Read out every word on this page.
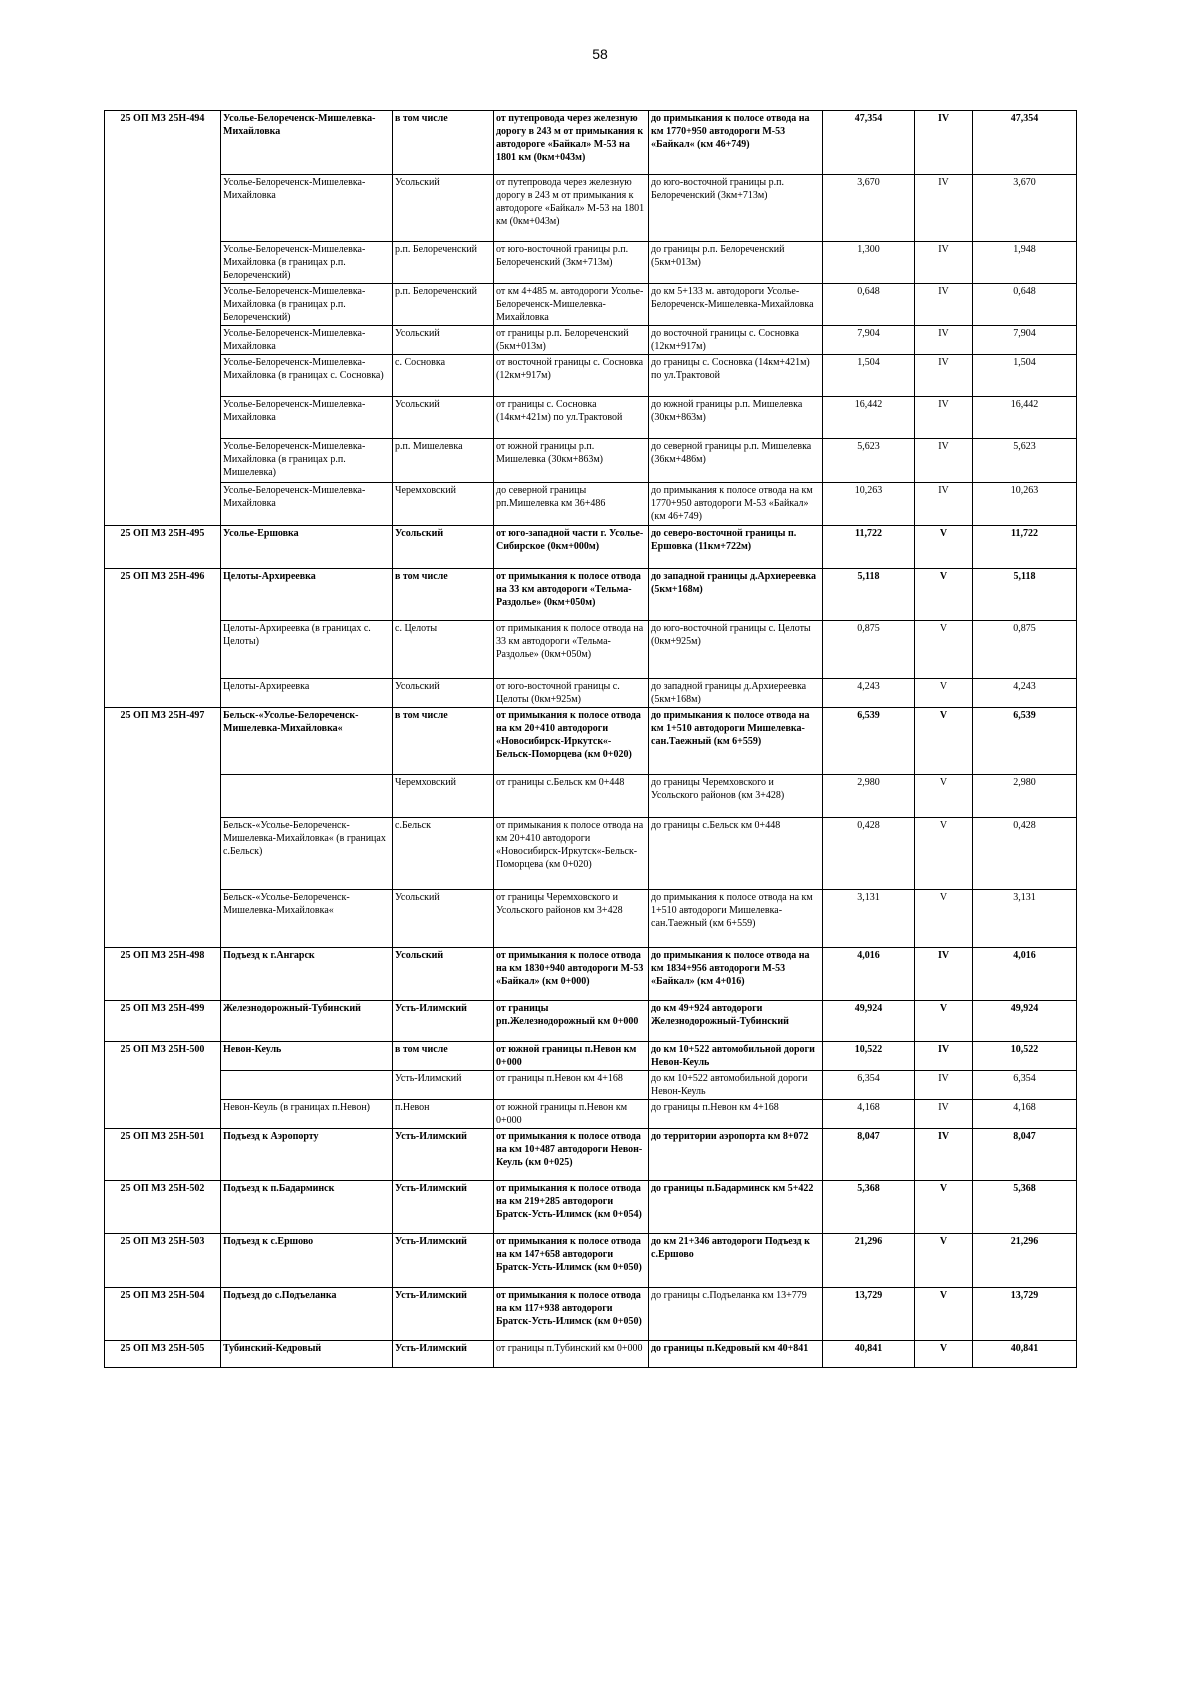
58
25 ОП МЗ 25Н-494	Усолье-Белореченск-Мишелевка-Михайловка	в том числе	от путепровода через железную дорогу в 243 м от примыкания к автодороге «Байкал» М-53 на 1801 км (0км+043м)	до примыкания к полосе отвода на км 1770+950 автодороги М-53 «Байкал« (км 46+749)	47,354	IV	47,354
	Усолье-Белореченск-Мишелевка-Михайловка	Усольский	от путепровода через железную дорогу в 243 м от примыкания к автодороге «Байкал» М-53 на 1801 км (0км+043м)	до юго-восточной границы р.п. Белореченский (3км+713м)	3,670	IV	3,670
	Усолье-Белореченск-Мишелевка-Михайловка (в границах р.п. Белореченский)	р.п. Белореченский	от юго-восточной границы р.п. Белореченский (3км+713м)	до границы р.п. Белореченский (5км+013м)	1,300	IV	1,948
	Усолье-Белореченск-Мишелевка-Михайловка (в границах р.п. Белореченский)	р.п. Белореченский	от км 4+485 м. автодороги Усолье-Белореченск-Мишелевка-Михайловка	до км 5+133 м. автодороги Усолье-Белореченск-Мишелевка-Михайловка	0,648	IV	0,648
	Усолье-Белореченск-Мишелевка-Михайловка	Усольский	от границы р.п. Белореченский (5км+013м)	до восточной границы с. Сосновка (12км+917м)	7,904	IV	7,904
	Усолье-Белореченск-Мишелевка-Михайловка (в границах с. Сосновка)	с. Сосновка	от восточной границы с. Сосновка (12км+917м)	до границы с. Сосновка (14км+421м) по ул.Трактовой	1,504	IV	1,504
	Усолье-Белореченск-Мишелевка-Михайловка	Усольский	от границы с. Сосновка (14км+421м) по ул.Трактовой	до южной границы р.п. Мишелевка (30км+863м)	16,442	IV	16,442
	Усолье-Белореченск-Мишелевка-Михайловка (в границах р.п. Мишелевка)	р.п. Мишелевка	от южной границы р.п. Мишелевка (30км+863м)	до северной границы р.п. Мишелевка (36км+486м)	5,623	IV	5,623
	Усолье-Белореченск-Мишелевка-Михайловка	Черемховский	до северной границы рп.Мишелевка км 36+486	до примыкания к полосе отвода на км 1770+950 автодороги М-53 «Байкал» (км 46+749)	10,263	IV	10,263
25 ОП МЗ 25Н-495	Усолье-Ершовка	Усольский	от юго-западной части г. Усолье-Сибирское (0км+000м)	до северо-восточной границы п. Ершовка (11км+722м)	11,722	V	11,722
25 ОП МЗ 25Н-496	Целоты-Архиреевка	в том числе	от примыкания к полосе отвода на 33 км автодороги «Тельма-Раздолье» (0км+050м)	до западной границы д.Архиереевка (5км+168м)	5,118	V	5,118
	Целоты-Архиреевка (в границах с. Целоты)	с. Целоты	от примыкания к полосе отвода на 33 км автодороги «Тельма-Раздолье» (0км+050м)	до юго-восточной границы с. Целоты (0км+925м)	0,875	V	0,875
	Целоты-Архиреевка	Усольский	от юго-восточной границы с. Целоты (0км+925м)	до западной границы д.Архиереевка (5км+168м)	4,243	V	4,243
25 ОП МЗ 25Н-497	Бельск-«Усолье-Белореченск-Мишелевка-Михайловка«	в том числе	от примыкания к полосе отвода на км 20+410 автодороги «Новосибирск-Иркутск«-Бельск-Поморцева (км 0+020)	до примыкания к полосе отвода на км 1+510 автодороги Мишелевка-сан.Таежный (км 6+559)	6,539	V	6,539
		Черемховский	от границы с.Бельск км 0+448	до границы Черемховского и Усольского районов (км 3+428)	2,980	V	2,980
	Бельск-«Усолье-Белореченск-Мишелевка-Михайловка« (в границах с.Бельск)	с.Бельск	от примыкания к полосе отвода на км 20+410 автодороги «Новосибирск-Иркутск«-Бельск-Поморцева (км 0+020)	до границы с.Бельск км 0+448	0,428	V	0,428
	Бельск-«Усолье-Белореченск-Мишелевка-Михайловка«	Усольский	от границы Черемховского и Усольского районов км 3+428	до примыкания к полосе отвода на км 1+510 автодороги Мишелевка-сан.Таежный (км 6+559)	3,131	V	3,131
25 ОП МЗ 25Н-498	Подъезд к г.Ангарск	Усольский	от примыкания к полосе отвода на км 1830+940 автодороги М-53 «Байкал» (км 0+000)	до примыкания к полосе отвода на км 1834+956 автодороги М-53 «Байкал» (км 4+016)	4,016	IV	4,016
25 ОП МЗ 25Н-499	Железнодорожный-Тубинский	Усть-Илимский	от границы рп.Железнодорожный км 0+000	до км 49+924 автодороги Железнодорожный-Тубинский	49,924	V	49,924
25 ОП МЗ 25Н-500	Невон-Кеуль	в том числе	от южной границы п.Невон км 0+000	до км 10+522 автомобильной дороги Невон-Кеуль	10,522	IV	10,522
		Усть-Илимский	от границы п.Невон км 4+168	до км 10+522 автомобильной дороги Невон-Кеуль	6,354	IV	6,354
	Невон-Кеуль (в границах п.Невон)	п.Невон	от южной границы п.Невон км 0+000	до границы п.Невон км 4+168	4,168	IV	4,168
25 ОП МЗ 25Н-501	Подъезд к Аэропорту	Усть-Илимский	от примыкания к полосе отвода на км 10+487 автодороги Невон-Кеуль (км 0+025)	до территории аэропорта км 8+072	8,047	IV	8,047
25 ОП МЗ 25Н-502	Подъезд к п.Бадарминск	Усть-Илимский	от примыкания к полосе отвода на км 219+285 автодороги Братск-Усть-Илимск (км 0+054)	до границы п.Бадарминск км 5+422	5,368	V	5,368
25 ОП МЗ 25Н-503	Подъезд к с.Ершово	Усть-Илимский	от примыкания к полосе отвода на км 147+658 автодороги Братск-Усть-Илимск (км 0+050)	до км 21+346 автодороги Подъезд к с.Ершово	21,296	V	21,296
25 ОП МЗ 25Н-504	Подъезд до с.Подъеланка	Усть-Илимский	от примыкания к полосе отвода на км 117+938 автодороги Братск-Усть-Илимск (км 0+050)	до границы с.Подъеланка км 13+779	13,729	V	13,729
25 ОП МЗ 25Н-505	Тубинский-Кедровый	Усть-Илимский	от границы п.Тубинский км 0+000	до границы п.Кедровый км 40+841	40,841	V	40,841
